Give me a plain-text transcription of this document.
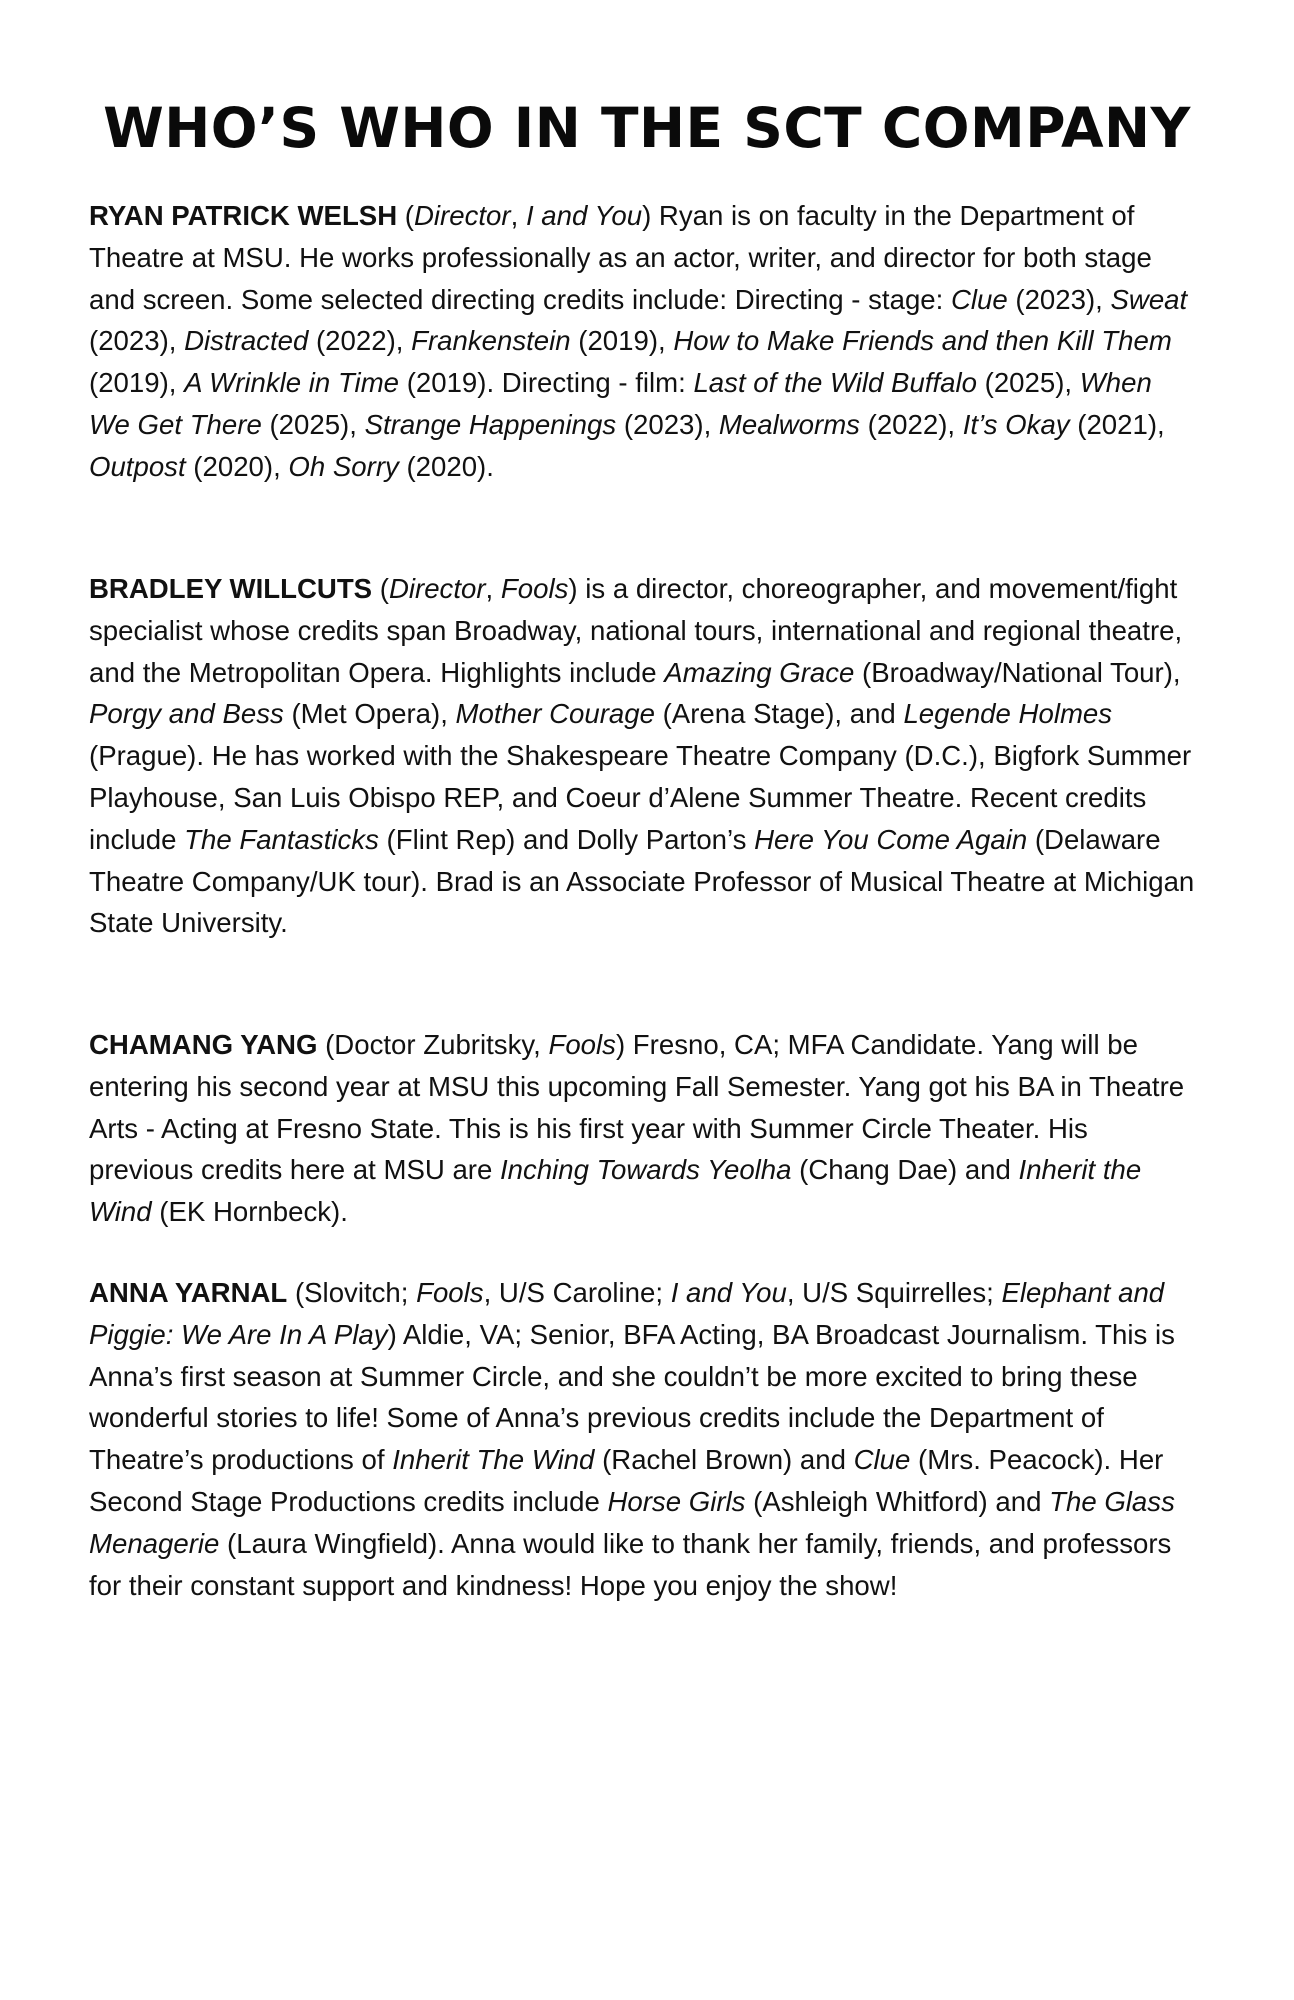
WHO’S WHO IN THE SCT COMPANY

RYAN PATRICK WELSH (Director, I and You) Ryan is on faculty in the Department of Theatre at MSU. He works professionally as an actor, writer, and director for both stage and screen. Some selected directing credits include: Directing - stage: Clue (2023), Sweat (2023), Distracted (2022), Frankenstein (2019), How to Make Friends and then Kill Them (2019), A Wrinkle in Time (2019). Directing - film: Last of the Wild Buffalo (2025), When We Get There (2025), Strange Happenings (2023), Mealworms (2022), It’s Okay (2021), Outpost (2020), Oh Sorry (2020).

BRADLEY WILLCUTS (Director, Fools) is a director, choreographer, and movement/fight specialist whose credits span Broadway, national tours, international and regional theatre, and the Metropolitan Opera. Highlights include Amazing Grace (Broadway/National Tour), Porgy and Bess (Met Opera), Mother Courage (Arena Stage), and Legende Holmes (Prague). He has worked with the Shakespeare Theatre Company (D.C.), Bigfork Summer Playhouse, San Luis Obispo REP, and Coeur d’Alene Summer Theatre. Recent credits include The Fantasticks (Flint Rep) and Dolly Parton’s Here You Come Again (Delaware Theatre Company/UK tour). Brad is an Associate Professor of Musical Theatre at Michigan State University.

CHAMANG YANG (Doctor Zubritsky, Fools) Fresno, CA; MFA Candidate. Yang will be entering his second year at MSU this upcoming Fall Semester. Yang got his BA in Theatre Arts - Acting at Fresno State. This is his first year with Summer Circle Theater. His previous credits here at MSU are Inching Towards Yeolha (Chang Dae) and Inherit the Wind (EK Hornbeck).

ANNA YARNAL (Slovitch; Fools, U/S Caroline; I and You, U/S Squirrelles; Elephant and Piggie: We Are In A Play) Aldie, VA; Senior, BFA Acting, BA Broadcast Journalism. This is Anna’s first season at Summer Circle, and she couldn’t be more excited to bring these wonderful stories to life! Some of Anna’s previous credits include the Department of Theatre’s productions of Inherit The Wind (Rachel Brown) and Clue (Mrs. Peacock). Her Second Stage Productions credits include Horse Girls (Ashleigh Whitford) and The Glass Menagerie (Laura Wingfield). Anna would like to thank her family, friends, and professors for their constant support and kindness! Hope you enjoy the show!
